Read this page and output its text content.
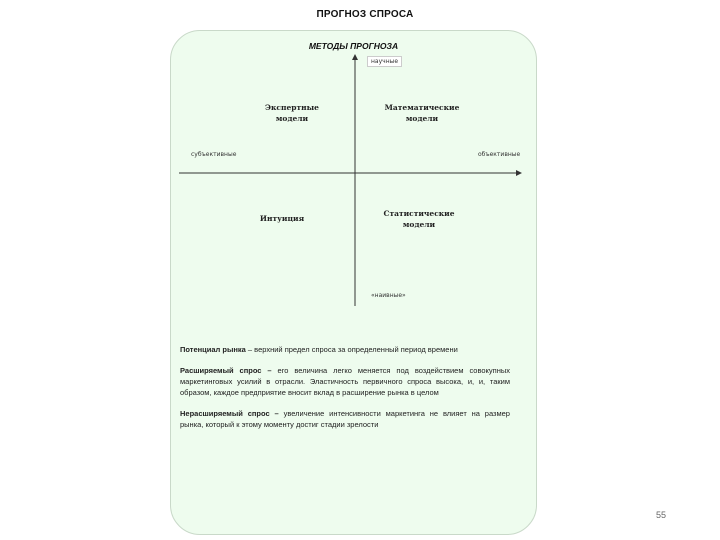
ПРОГНОЗ СПРОСА
МЕТОДЫ ПРОГНОЗА
научные
«наивные»
субъективные	объективные
Экспертные
модели
Математические
модели
Интуиция
Статистические
модели

Потенциал рынка – верхний предел спроса за определенный период времени

Расширяемый спрос – его величина легко меняется под воздействием совокупных маркетинговых усилий в отрасли. Эластичность первичного спроса высока, и, и, таким образом, каждое предприятие вносит вклад в расширение рынка в целом

Нерасширяемый спрос – увеличение интенсивности маркетинга не влияет на размер рынка, который к этому моменту достиг стадии зрелости

55
